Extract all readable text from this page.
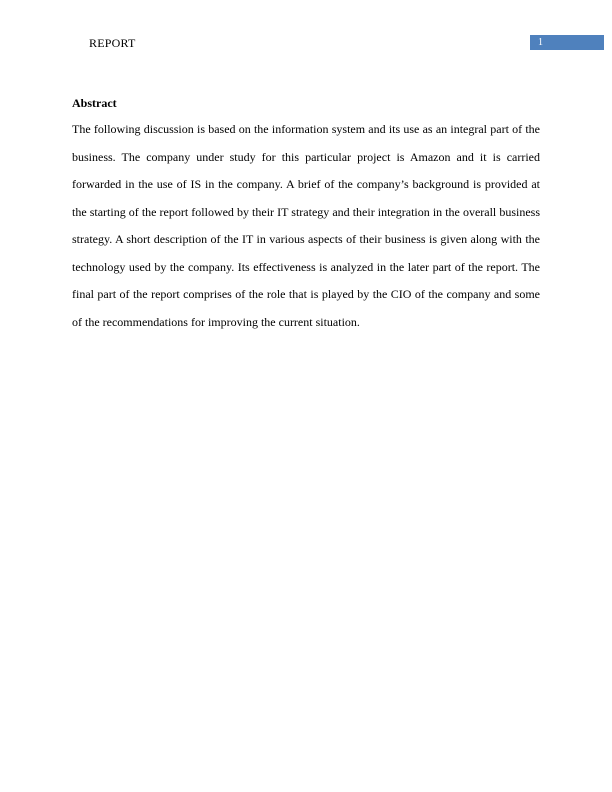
REPORT	1
Abstract

The following discussion is based on the information system and its use as an integral part of the business. The company under study for this particular project is Amazon and it is carried forwarded in the use of IS in the company. A brief of the company’s background is provided at the starting of the report followed by their IT strategy and their integration in the overall business strategy. A short description of the IT in various aspects of their business is given along with the technology used by the company. Its effectiveness is analyzed in the later part of the report. The final part of the report comprises of the role that is played by the CIO of the company and some of the recommendations for improving the current situation.
